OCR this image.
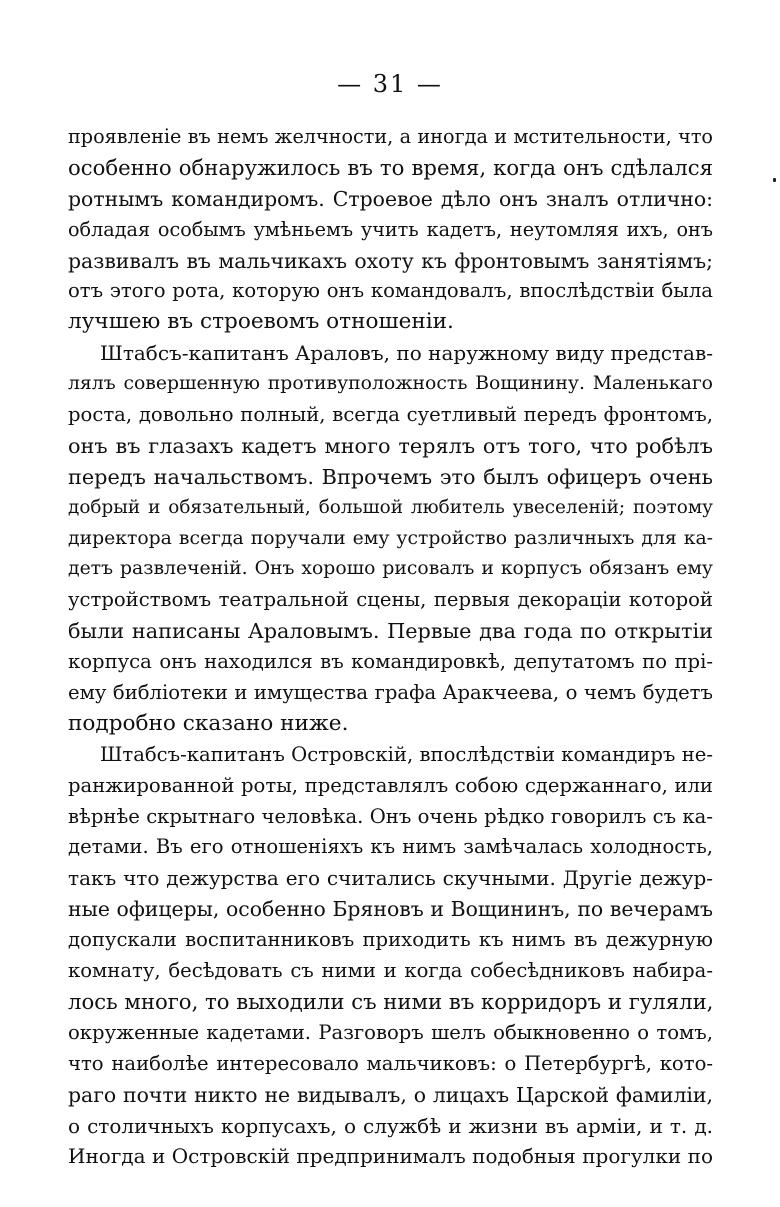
— 31 —
проявленіе въ немъ желчности, а иногда и мстительности, что
особенно обнаружилось въ то время, когда онъ сдѣлался
ротнымъ командиромъ. Строевое дѣло онъ зналъ отлично:
обладая особымъ умѣньемъ учить кадетъ, неутомляя ихъ, онъ
развивалъ въ мальчикахъ охоту къ фронтовымъ занятіямъ;
отъ этого рота, которую онъ командовалъ, впослѣдствіи была
лучшею въ строевомъ отношеніи.
Штабсъ-капитанъ Араловъ, по наружному виду представ-
лялъ совершенную противуположность Вощинину. Маленькаго
роста, довольно полный, всегда суетливый передъ фронтомъ,
онъ въ глазахъ кадетъ много терялъ отъ того, что робѣлъ
передъ начальствомъ. Впрочемъ это былъ офицеръ очень
добрый и обязательный, большой любитель увеселеній; поэтому
директора всегда поручали ему устройство различныхъ для ка-
детъ развлеченій. Онъ хорошо рисовалъ и корпусъ обязанъ ему
устройствомъ театральной сцены, первыя декораціи которой
были написаны Араловымъ. Первые два года по открытіи
корпуса онъ находился въ командировкѣ, депутатомъ по прі-
ему библіотеки и имущества графа Аракчеева, о чемъ будетъ
подробно сказано ниже.
Штабсъ-капитанъ Островскій, впослѣдствіи командиръ не-
ранжированной роты, представлялъ собою сдержаннаго, или
вѣрнѣе скрытнаго человѣка. Онъ очень рѣдко говорилъ съ ка-
детами. Въ его отношеніяхъ къ нимъ замѣчалась холодность,
такъ что дежурства его считались скучными. Другіе дежур-
ные офицеры, особенно Бряновъ и Вощининъ, по вечерамъ
допускали воспитанниковъ приходить къ нимъ въ дежурную
комнату, бесѣдовать съ ними и когда собесѣдниковъ набира-
лось много, то выходили съ ними въ корридоръ и гуляли,
окруженные кадетами. Разговоръ шелъ обыкновенно о томъ,
что наиболѣе интересовало мальчиковъ: о Петербургѣ, кото-
раго почти никто не видывалъ, о лицахъ Царской фамиліи,
о столичныхъ корпусахъ, о службѣ и жизни въ арміи, и т. д.
Иногда и Островскій предпринималъ подобныя прогулки по
